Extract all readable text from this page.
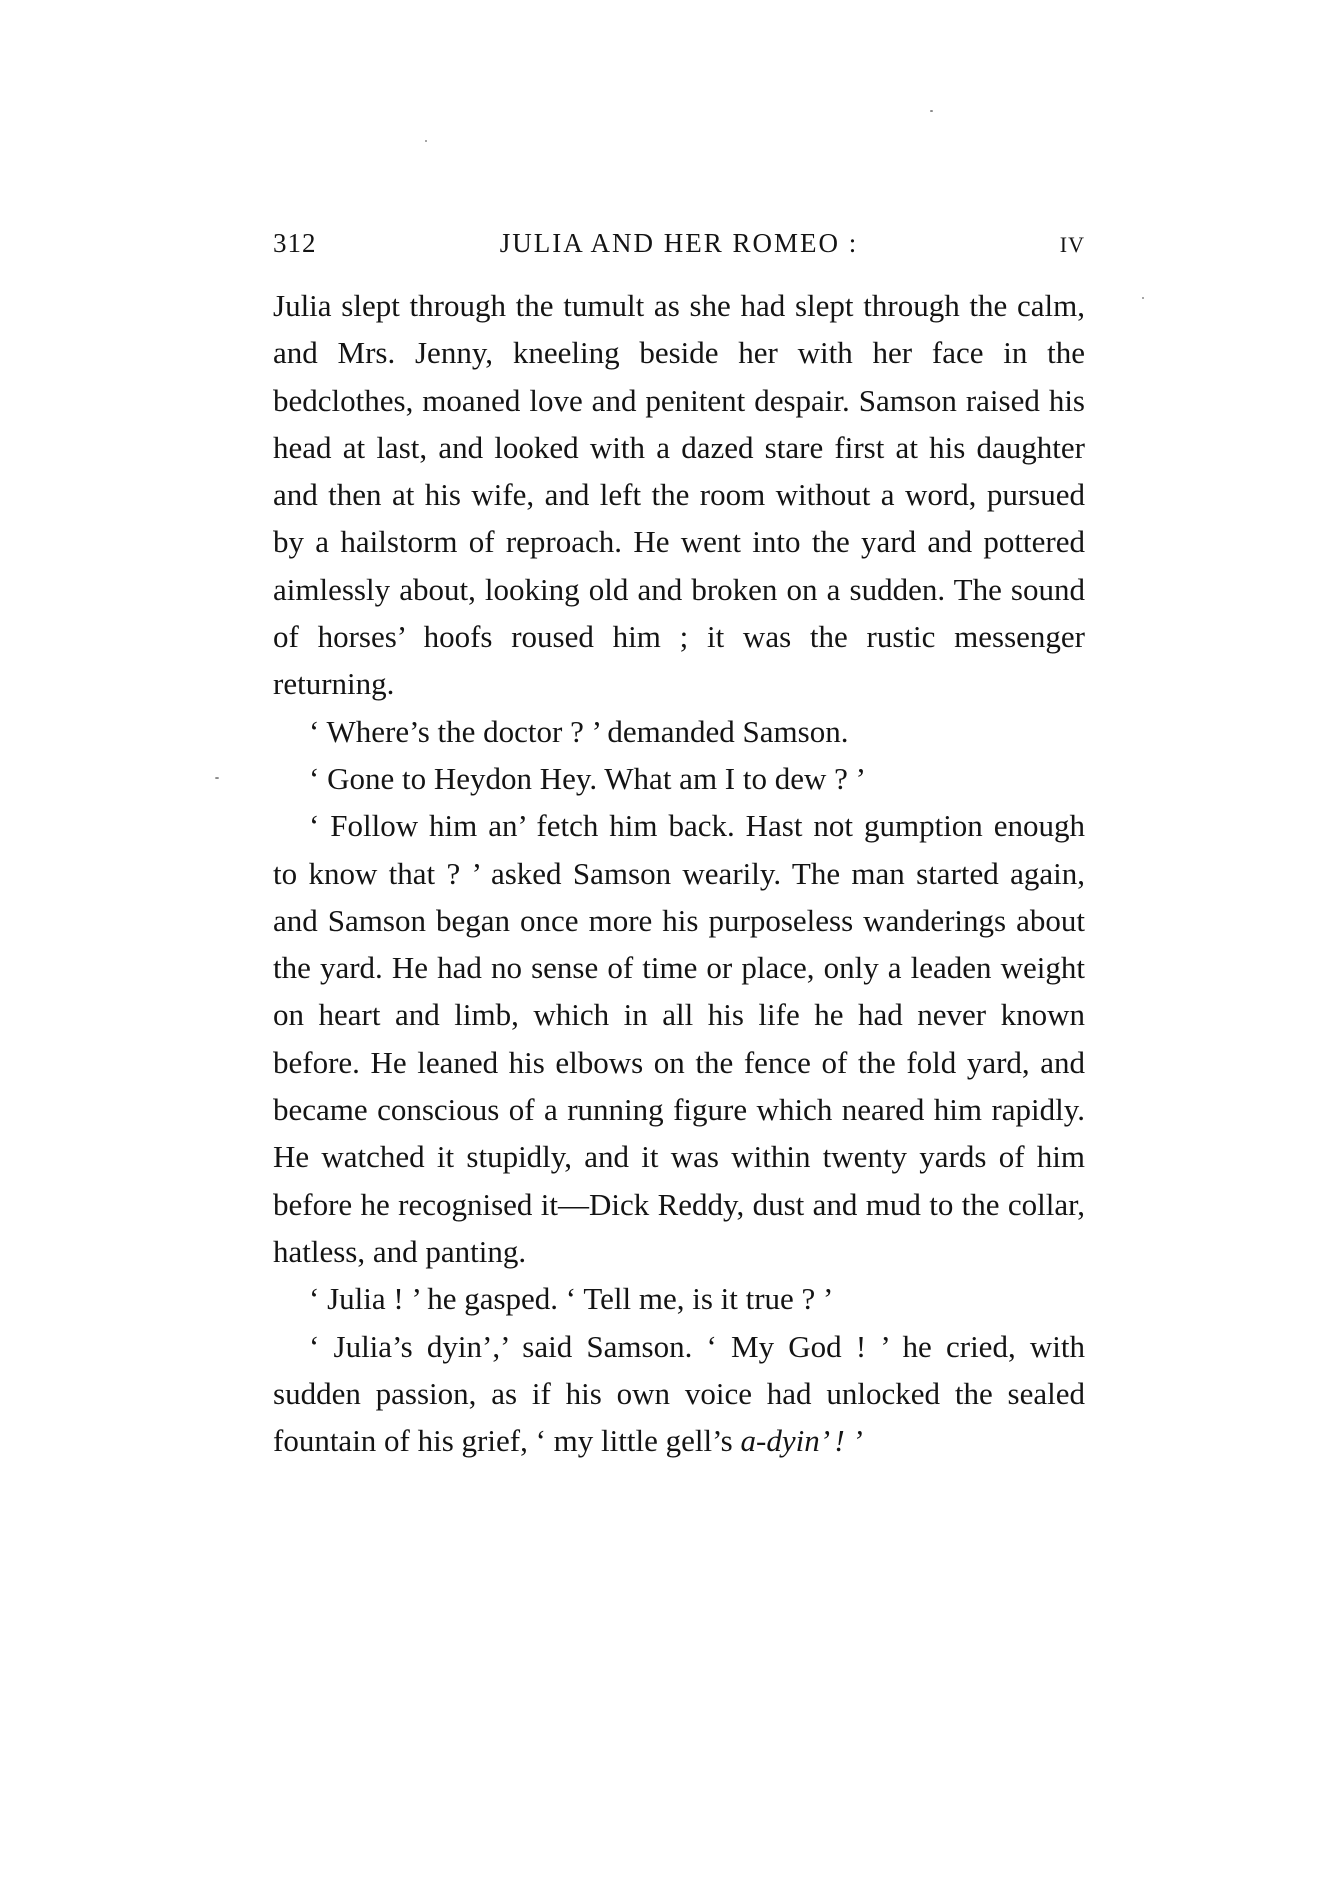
312	JULIA AND HER ROMEO :	IV

Julia slept through the tumult as she had slept through the calm, and Mrs. Jenny, kneeling beside her with her face in the bedclothes, moaned love and penitent despair. Samson raised his head at last, and looked with a dazed stare first at his daughter and then at his wife, and left the room without a word, pursued by a hailstorm of reproach. He went into the yard and pottered aimlessly about, looking old and broken on a sudden. The sound of horses’ hoofs roused him ; it was the rustic messenger returning.

‘ Where’s the doctor ? ’ demanded Samson.

‘ Gone to Heydon Hey. What am I to dew ? ’

‘ Follow him an’ fetch him back. Hast not gumption enough to know that ? ’ asked Samson wearily. The man started again, and Samson began once more his purposeless wanderings about the yard. He had no sense of time or place, only a leaden weight on heart and limb, which in all his life he had never known before. He leaned his elbows on the fence of the fold yard, and became conscious of a running figure which neared him rapidly. He watched it stupidly, and it was within twenty yards of him before he recognised it—Dick Reddy, dust and mud to the collar, hatless, and panting.

‘ Julia ! ’ he gasped. ‘ Tell me, is it true ? ’

‘ Julia’s dyin’,’ said Samson. ‘ My God ! ’ he cried, with sudden passion, as if his own voice had unlocked the sealed fountain of his grief, ‘ my little gell’s a-dyin’ ! ’
